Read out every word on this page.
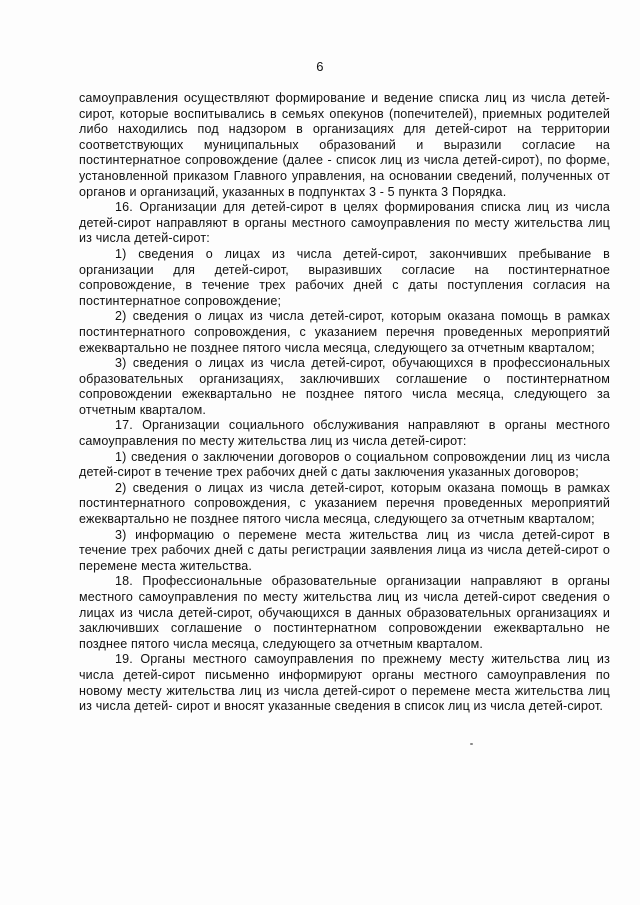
6

самоуправления осуществляют формирование и ведение списка лиц из числа детей-сирот, которые воспитывались в семьях опекунов (попечителей), приемных родителей либо находились под надзором в организациях для детей-сирот на территории соответствующих муниципальных образований и выразили согласие на постинтернатное сопровождение (далее - список лиц из числа детей-сирот), по форме, установленной приказом Главного управления, на основании сведений, полученных от органов и организаций, указанных в подпунктах 3 - 5 пункта 3 Порядка.

16. Организации для детей-сирот в целях формирования списка лиц из числа детей-сирот направляют в органы местного самоуправления по месту жительства лиц из числа детей-сирот:

1) сведения о лицах из числа детей-сирот, закончивших пребывание в организации для детей-сирот, выразивших согласие на постинтернатное сопровождение, в течение трех рабочих дней с даты поступления согласия на постинтернатное сопровождение;

2) сведения о лицах из числа детей-сирот, которым оказана помощь в рамках постинтернатного сопровождения, с указанием перечня проведенных мероприятий ежеквартально не позднее пятого числа месяца, следующего за отчетным кварталом;

3) сведения о лицах из числа детей-сирот, обучающихся в профессиональных образовательных организациях, заключивших соглашение о постинтернатном сопровождении ежеквартально не позднее пятого числа месяца, следующего за отчетным кварталом.

17. Организации социального обслуживания направляют в органы местного самоуправления по месту жительства лиц из числа детей-сирот:

1) сведения о заключении договоров о социальном сопровождении лиц из числа детей-сирот в течение трех рабочих дней с даты заключения указанных договоров;

2) сведения о лицах из числа детей-сирот, которым оказана помощь в рамках постинтернатного сопровождения, с указанием перечня проведенных мероприятий ежеквартально не позднее пятого числа месяца, следующего за отчетным кварталом;

3) информацию о перемене места жительства лиц из числа детей-сирот в течение трех рабочих дней с даты регистрации заявления лица из числа детей-сирот о перемене места жительства.

18. Профессиональные образовательные организации направляют в органы местного самоуправления по месту жительства лиц из числа детей-сирот сведения о лицах из числа детей-сирот, обучающихся в данных образовательных организациях и заключивших соглашение о постинтернатном сопровождении ежеквартально не позднее пятого числа месяца, следующего за отчетным кварталом.

19. Органы местного самоуправления по прежнему месту жительства лиц из числа детей-сирот письменно информируют органы местного самоуправления по новому месту жительства лиц из числа детей-сирот о перемене места жительства лиц из числа детей- сирот и вносят указанные сведения в список лиц из числа детей-сирот.
